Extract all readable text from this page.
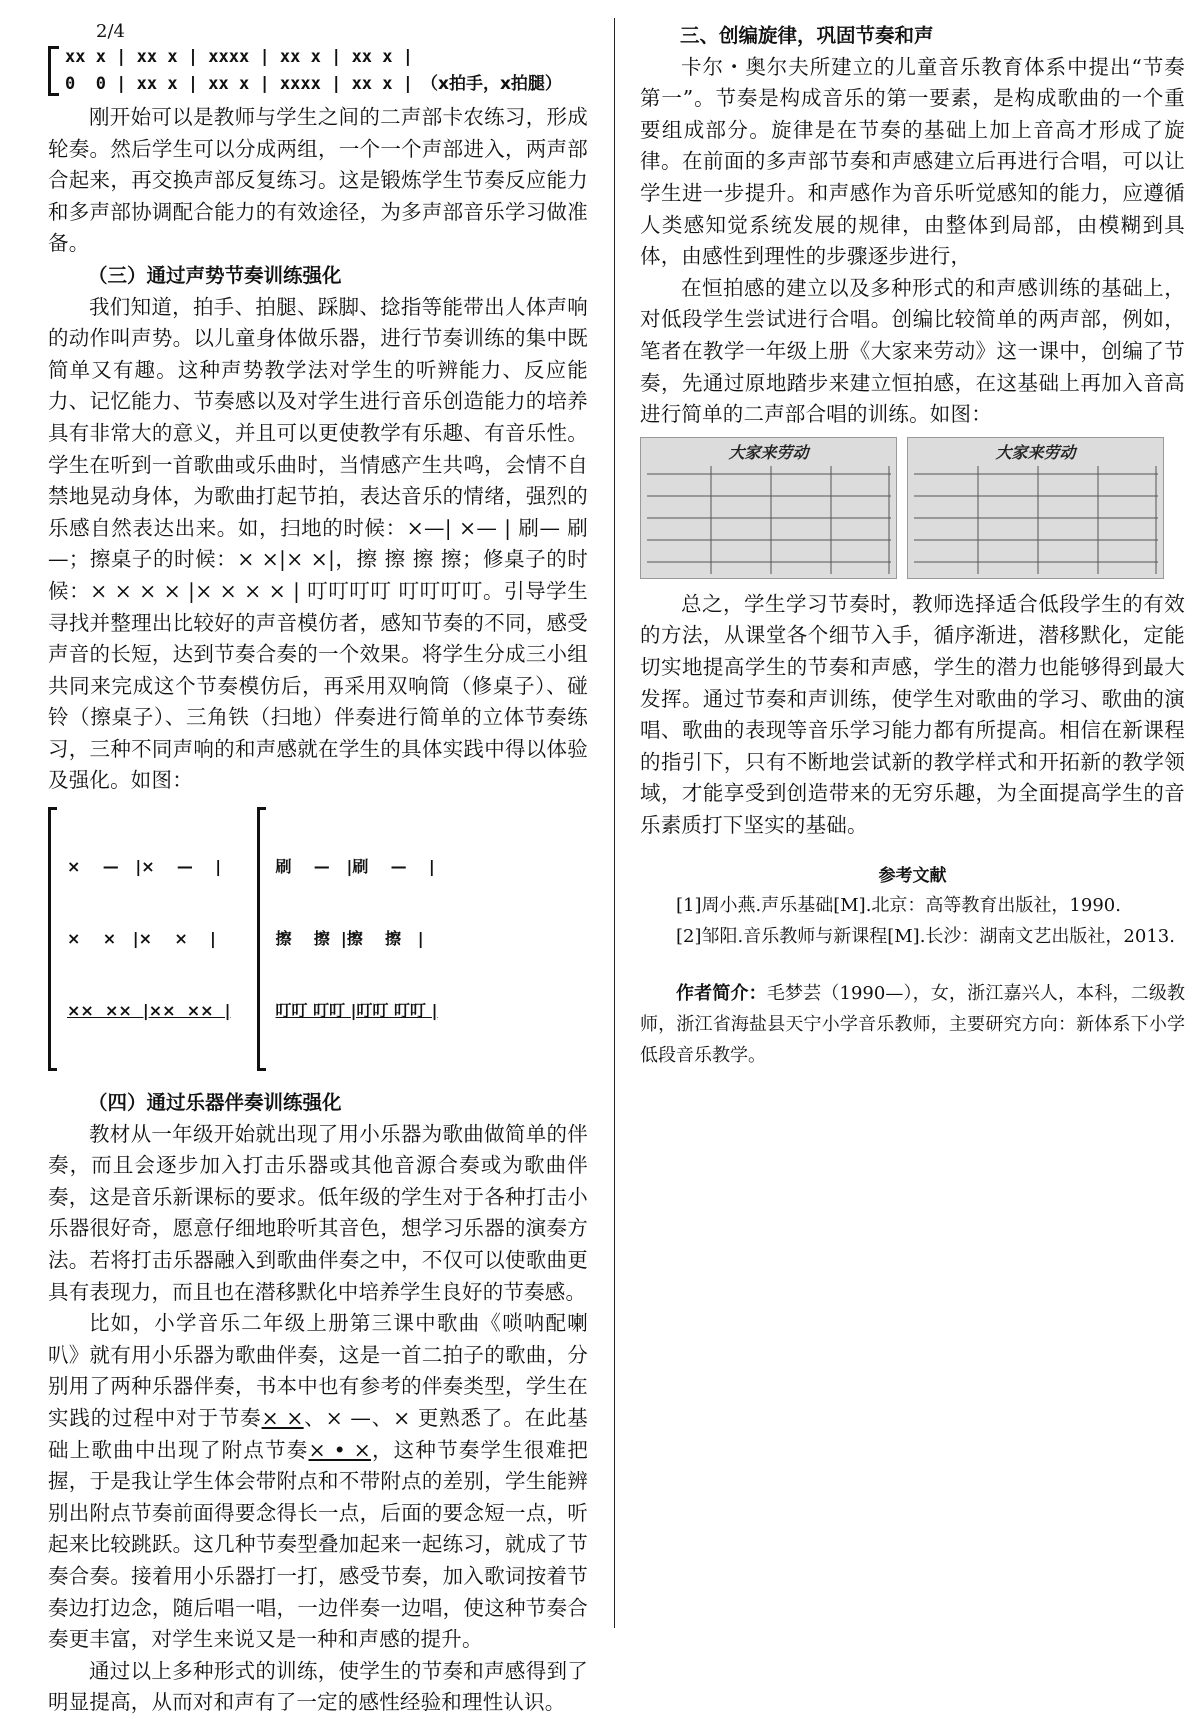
2/4
xx x | xx x | xxxx | xx x | xx x |
0  0 | xx x | xx x | xxxx | xx x | （x拍手，x拍腿）

刚开始可以是教师与学生之间的二声部卡农练习，形成轮奏。然后学生可以分成两组，一个一个声部进入，两声部合起来，再交换声部反复练习。这是锻炼学生节奏反应能力和多声部协调配合能力的有效途径，为多声部音乐学习做准备。

（三）通过声势节奏训练强化

我们知道，拍手、拍腿、踩脚、捻指等能带出人体声响的动作叫声势。以儿童身体做乐器，进行节奏训练的集中既简单又有趣。这种声势教学法对学生的听辨能力、反应能力、记忆能力、节奏感以及对学生进行音乐创造能力的培养具有非常大的意义，并且可以更使教学有乐趣、有音乐性。学生在听到一首歌曲或乐曲时，当情感产生共鸣，会情不自禁地晃动身体，为歌曲打起节拍，表达音乐的情绪，强烈的乐感自然表达出来。如，扫地的时候：×—| ×— | 刷— 刷—；擦桌子的时候：× ×|× ×|，擦 擦 擦 擦；修桌子的时候：× × × × |× × × × | 叮叮叮叮 叮叮叮叮。引导学生寻找并整理出比较好的声音模仿者，感知节奏的不同，感受声音的长短，达到节奏合奏的一个效果。将学生分成三小组共同来完成这个节奏模仿后，再采用双响筒（修桌子）、碰铃（擦桌子）、三角铁（扫地）伴奏进行简单的立体节奏练习，三种不同声响的和声感就在学生的具体实践中得以体验及强化。如图：

×    —   |×    —    |

×    ×   |×    ×    |

××  ××  |××  ××  |

刷    —   |刷    —    |

擦    擦  |擦    擦   |

叮叮 叮叮 |叮叮 叮叮 |

（四）通过乐器伴奏训练强化

教材从一年级开始就出现了用小乐器为歌曲做简单的伴奏，而且会逐步加入打击乐器或其他音源合奏或为歌曲伴奏，这是音乐新课标的要求。低年级的学生对于各种打击小乐器很好奇，愿意仔细地聆听其音色，想学习乐器的演奏方法。若将打击乐器融入到歌曲伴奏之中，不仅可以使歌曲更具有表现力，而且也在潜移默化中培养学生良好的节奏感。

比如，小学音乐二年级上册第三课中歌曲《唢呐配喇叭》就有用小乐器为歌曲伴奏，这是一首二拍子的歌曲，分别用了两种乐器伴奏，书本中也有参考的伴奏类型，学生在实践的过程中对于节奏× ×、× —、× 更熟悉了。在此基础上歌曲中出现了附点节奏× • ×，这种节奏学生很难把握，于是我让学生体会带附点和不带附点的差别，学生能辨别出附点节奏前面得要念得长一点，后面的要念短一点，听起来比较跳跃。这几种节奏型叠加起来一起练习，就成了节奏合奏。接着用小乐器打一打，感受节奏，加入歌词按着节奏边打边念，随后唱一唱，一边伴奏一边唱，使这种节奏合奏更丰富，对学生来说又是一种和声感的提升。

通过以上多种形式的训练，使学生的节奏和声感得到了明显提高，从而对和声有了一定的感性经验和理性认识。

三、创编旋律，巩固节奏和声

卡尔・奥尔夫所建立的儿童音乐教育体系中提出“节奏第一”。节奏是构成音乐的第一要素，是构成歌曲的一个重要组成部分。旋律是在节奏的基础上加上音高才形成了旋律。在前面的多声部节奏和声感建立后再进行合唱，可以让学生进一步提升。和声感作为音乐听觉感知的能力，应遵循人类感知觉系统发展的规律，由整体到局部，由模糊到具体，由感性到理性的步骤逐步进行，

在恒拍感的建立以及多种形式的和声感训练的基础上，对低段学生尝试进行合唱。创编比较简单的两声部，例如，笔者在教学一年级上册《大家来劳动》这一课中，创编了节奏，先通过原地踏步来建立恒拍感，在这基础上再加入音高进行简单的二声部合唱的训练。如图：

大家来劳动	大家来劳动

总之，学生学习节奏时，教师选择适合低段学生的有效的方法，从课堂各个细节入手，循序渐进，潜移默化，定能切实地提高学生的节奏和声感，学生的潜力也能够得到最大发挥。通过节奏和声训练，使学生对歌曲的学习、歌曲的演唱、歌曲的表现等音乐学习能力都有所提高。相信在新课程的指引下，只有不断地尝试新的教学样式和开拓新的教学领域，才能享受到创造带来的无穷乐趣，为全面提高学生的音乐素质打下坚实的基础。

参考文献

[1]周小燕.声乐基础[M].北京：高等教育出版社，1990.

[2]邹阳.音乐教师与新课程[M].长沙：湖南文艺出版社，2013.

作者简介：毛梦芸（1990—），女，浙江嘉兴人，本科，二级教师，浙江省海盐县天宁小学音乐教师，主要研究方向：新体系下小学低段音乐教学。
